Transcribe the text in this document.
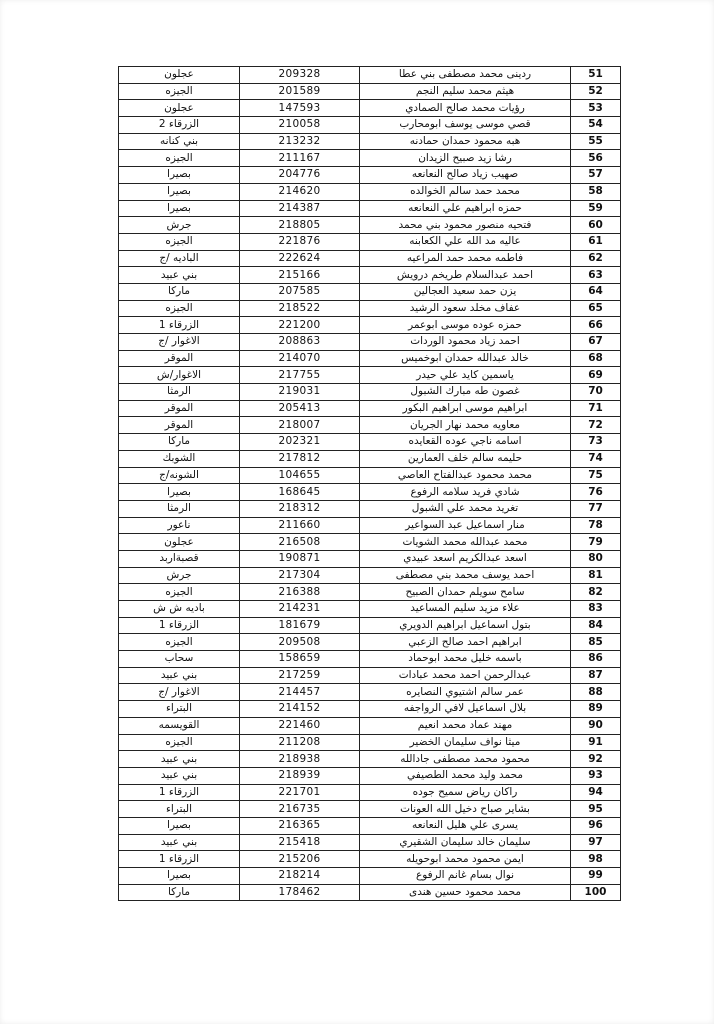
عجلون	209328	ردينى محمد مصطفى بني عطا	51
الجيزه	201589	هيثم محمد سليم النجم	52
عجلون	147593	رؤيات محمد صالح الصمادي	53
الزرقاء 2	210058	قصي موسى يوسف ابومحارب	54
بني كنانه	213232	هبه محمود حمدان حمادنه	55
الجيزه	211167	رشا زيد صبيح الزيدان	56
بصيرا	204776	صهيب زياد صالح النعانعه	57
بصيرا	214620	محمد حمد سالم الخوالده	58
بصيرا	214387	حمزه ابراهيم علي النعانعه	59
جرش	218805	فتحيه منصور محمود بني محمد	60
الجيزه	221876	عاليه مد الله علي الكعابنه	61
الباديه /ج	222624	فاطمه محمد حمد المراعيه	62
بني عبيد	215166	احمد عبدالسلام طريخم درويش	63
ماركا	207585	يزن حمد سعيد العجالين	64
الجيزه	218522	عفاف مخلد سعود الرشيد	65
الزرقاء 1	221200	حمزه عوده موسى ابوعمر	66
الاغوار /ج	208863	احمد زياد محمود الوردات	67
الموقر	214070	خالد عبدالله حمدان ابوخميس	68
الاغوار/ش	217755	ياسمين كايد علي حيدر	69
الرمثا	219031	غصون طه مبارك الشبول	70
الموقر	205413	ابراهيم موسى ابراهيم البكور	71
الموقر	218007	معاويه محمد نهار الجريان	72
ماركا	202321	اسامه ناجي عوده القعايده	73
الشوبك	217812	حليمه سالم خلف العمارين	74
الشونه/ج	104655	محمد محمود عبدالفتاح العاصي	75
بصيرا	168645	شادي فريد سلامه الرفوع	76
الرمثا	218312	تغريد محمد علي الشبول	77
ناعور	211660	منار اسماعيل عبد السواعير	78
عجلون	216508	محمد عبدالله محمد الشويات	79
قصبةاربد	190871	اسعد عبدالكريم اسعد عبيدي	80
جرش	217304	احمد يوسف محمد بني مصطفى	81
الجيزه	216388	سامح سويلم حمدان الصبيح	82
باديه ش ش	214231	علاء مزيد سليم المساعيد	83
الزرقاء 1	181679	بتول اسماعيل ابراهيم الدويري	84
الجيزه	209508	ابراهيم احمد صالح الزعبي	85
سحاب	158659	باسمه خليل محمد ابوحماد	86
بني عبيد	217259	عبدالرحمن احمد محمد عبادات	87
الاغوار /ج	214457	عمر سالم اشتيوي النصايره	88
البتراء	214152	بلال اسماعيل لافي الرواجفه	89
القويسمه	221460	مهند عماد محمد انعيم	90
الجيزه	211208	ميثا نواف سليمان الخضير	91
بني عبيد	218938	محمود محمد مصطفى جادالله	92
بني عبيد	218939	محمد وليد محمد الطصيفي	93
الزرقاء 1	221701	راكان رياض سميح جوده	94
البتراء	216735	بشاير صباح دخيل الله العونات	95
بصيرا	216365	يسرى علي هليل النعانعه	96
بني عبيد	215418	سليمان خالد سليمان الشقيري	97
الزرقاء 1	215206	ايمن محمود محمد ابوحويله	98
بصيرا	218214	نوال بسام غانم الرفوع	99
ماركا	178462	محمد محمود حسين هندى	100
